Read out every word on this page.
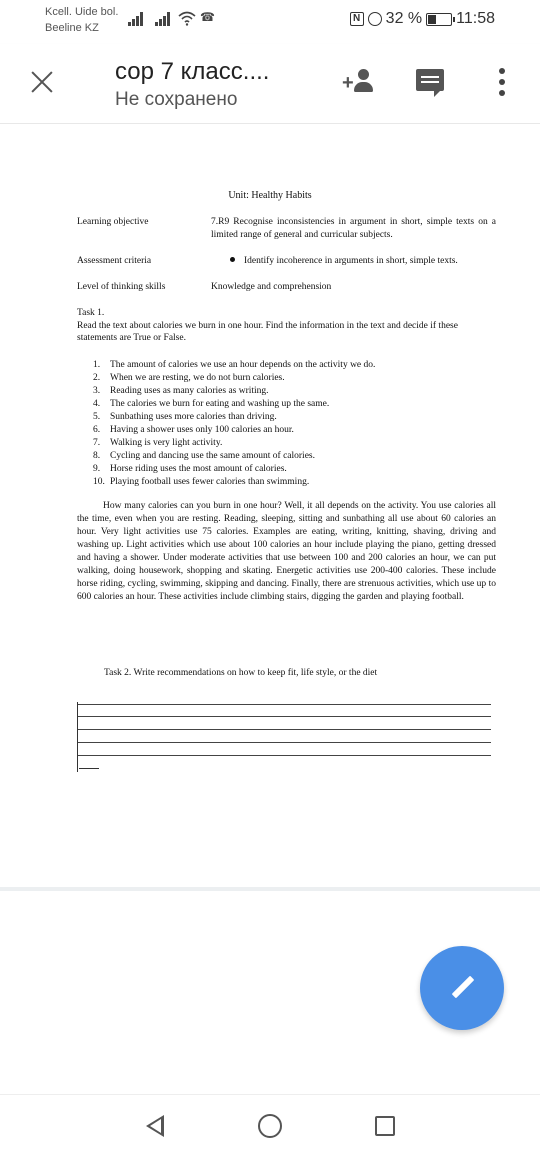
Kcell. Uide bol.
Beeline KZ
☎	N 32 % 11:58
сор 7 класс....
Не сохранено
+
Unit: Healthy Habits
Learning objective	7.R9 Recognise inconsistencies in argument in short, simple texts on a limited range of general and curricular subjects.
Assessment criteria	Identify incoherence in arguments in short, simple texts.
Level of thinking skills	Knowledge and comprehension
Task 1.
Read the text about calories we burn in one hour. Find the information in the text and decide if these statements are True or False.
1. The amount of calories we use an hour depends on the activity we do.
2. When we are resting, we do not burn calories.
3. Reading uses as many calories as writing.
4. The calories we burn for eating and washing up the same.
5. Sunbathing uses more calories than driving.
6. Having a shower uses only 100 calories an hour.
7. Walking is very light activity.
8. Cycling and dancing use the same amount of calories.
9. Horse riding uses the most amount of calories.
10. Playing football uses fewer calories than swimming.
How many calories can you burn in one hour? Well, it all depends on the activity. You use calories all the time, even when you are resting. Reading, sleeping, sitting and sunbathing all use about 60 calories an hour. Very light activities use 75 calories. Examples are eating, writing, knitting, shaving, driving and washing up. Light activities which use about 100 calories an hour include playing the piano, getting dressed and having a shower. Under moderate activities that use between 100 and 200 calories an hour, we can put walking, doing housework, shopping and skating. Energetic activities use 200-400 calories. These include horse riding, cycling, swimming, skipping and dancing. Finally, there are strenuous activities, which use up to 600 calories an hour. These activities include climbing stairs, digging the garden and playing football.
Task 2. Write recommendations on how to keep fit, life style, or the diet
